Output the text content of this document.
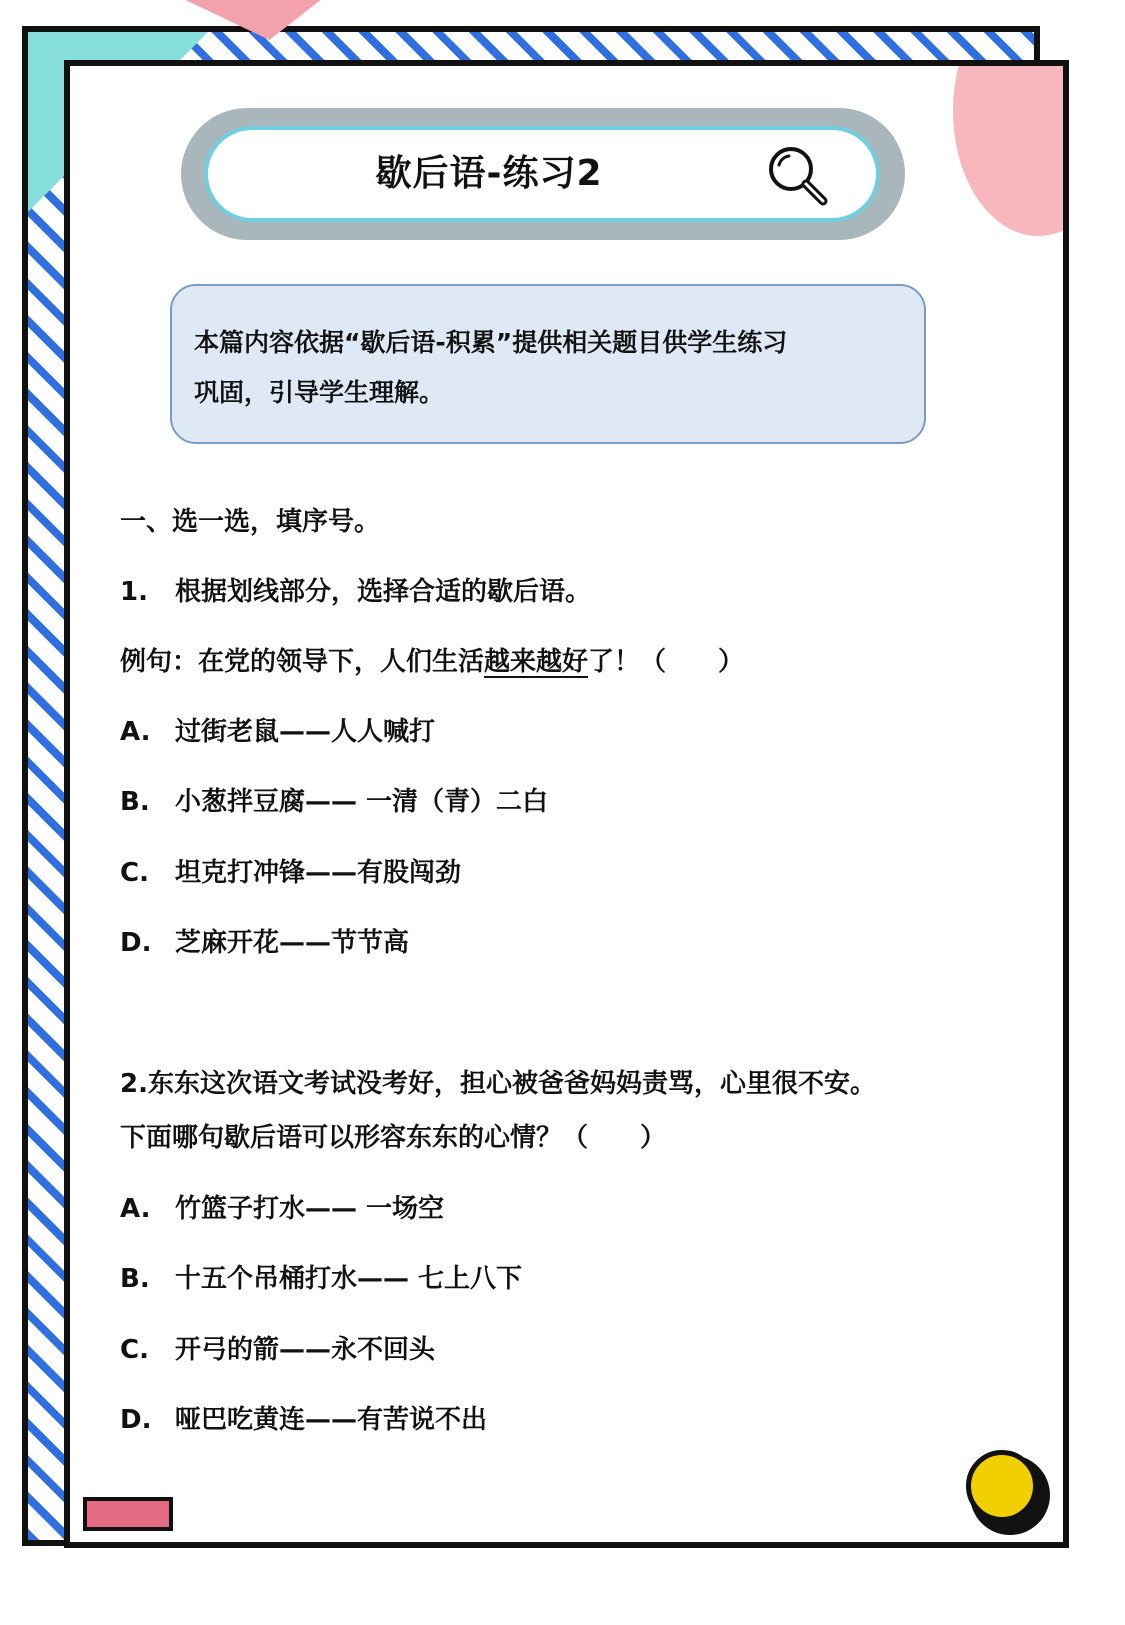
歇后语-练习2
本篇内容依据“歇后语-积累”提供相关题目供学生练习
巩固，引导学生理解。
一、选一选，填序号。
1. 根据划线部分，选择合适的歇后语。
例句：在党的领导下，人们生活越来越好了！（　　）
A. 过街老鼠——人人喊打
B. 小葱拌豆腐—— 一清（青）二白
C. 坦克打冲锋——有股闯劲
D. 芝麻开花——节节高
2.东东这次语文考试没考好，担心被爸爸妈妈责骂，心里很不安。
下面哪句歇后语可以形容东东的心情？（　　）
A. 竹篮子打水—— 一场空
B. 十五个吊桶打水—— 七上八下
C. 开弓的箭——永不回头
D. 哑巴吃黄连——有苦说不出
